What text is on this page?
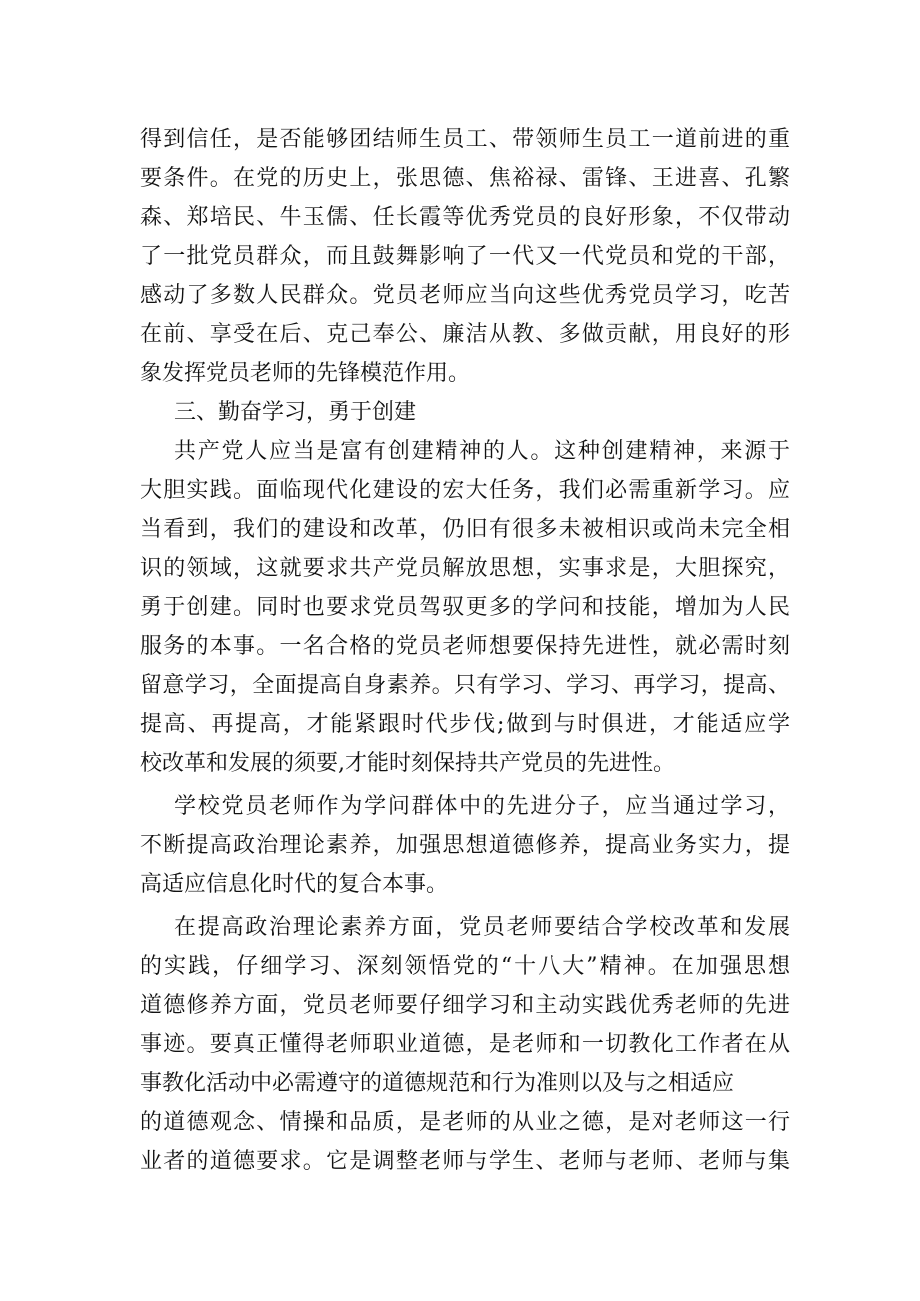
得到信任，是否能够团结师生员工、带领师生员工一道前进的重
要条件。在党的历史上，张思德、焦裕禄、雷锋、王进喜、孔繁
森、郑培民、牛玉儒、任长霞等优秀党员的良好形象，不仅带动
了一批党员群众，而且鼓舞影响了一代又一代党员和党的干部，
感动了多数人民群众。党员老师应当向这些优秀党员学习，吃苦
在前、享受在后、克己奉公、廉洁从教、多做贡献，用良好的形
象发挥党员老师的先锋模范作用。
三、勤奋学习，勇于创建
共产党人应当是富有创建精神的人。这种创建精神，来源于
大胆实践。面临现代化建设的宏大任务，我们必需重新学习。应
当看到，我们的建设和改革，仍旧有很多未被相识或尚未完全相
识的领域，这就要求共产党员解放思想，实事求是，大胆探究，
勇于创建。同时也要求党员驾驭更多的学问和技能，增加为人民
服务的本事。一名合格的党员老师想要保持先进性，就必需时刻
留意学习，全面提高自身素养。只有学习、学习、再学习，提高、
提高、再提高，才能紧跟时代步伐;做到与时俱进，才能适应学
校改革和发展的须要,才能时刻保持共产党员的先进性。
学校党员老师作为学问群体中的先进分子，应当通过学习，
不断提高政治理论素养，加强思想道德修养，提高业务实力，提
高适应信息化时代的复合本事。
在提高政治理论素养方面，党员老师要结合学校改革和发展
的实践，仔细学习、深刻领悟党的“十八大”精神。在加强思想
道德修养方面，党员老师要仔细学习和主动实践优秀老师的先进
事迹。要真正懂得老师职业道德，是老师和一切教化工作者在从
事教化活动中必需遵守的道德规范和行为准则以及与之相适应
的道德观念、情操和品质，是老师的从业之德，是对老师这一行
业者的道德要求。它是调整老师与学生、老师与老师、老师与集
